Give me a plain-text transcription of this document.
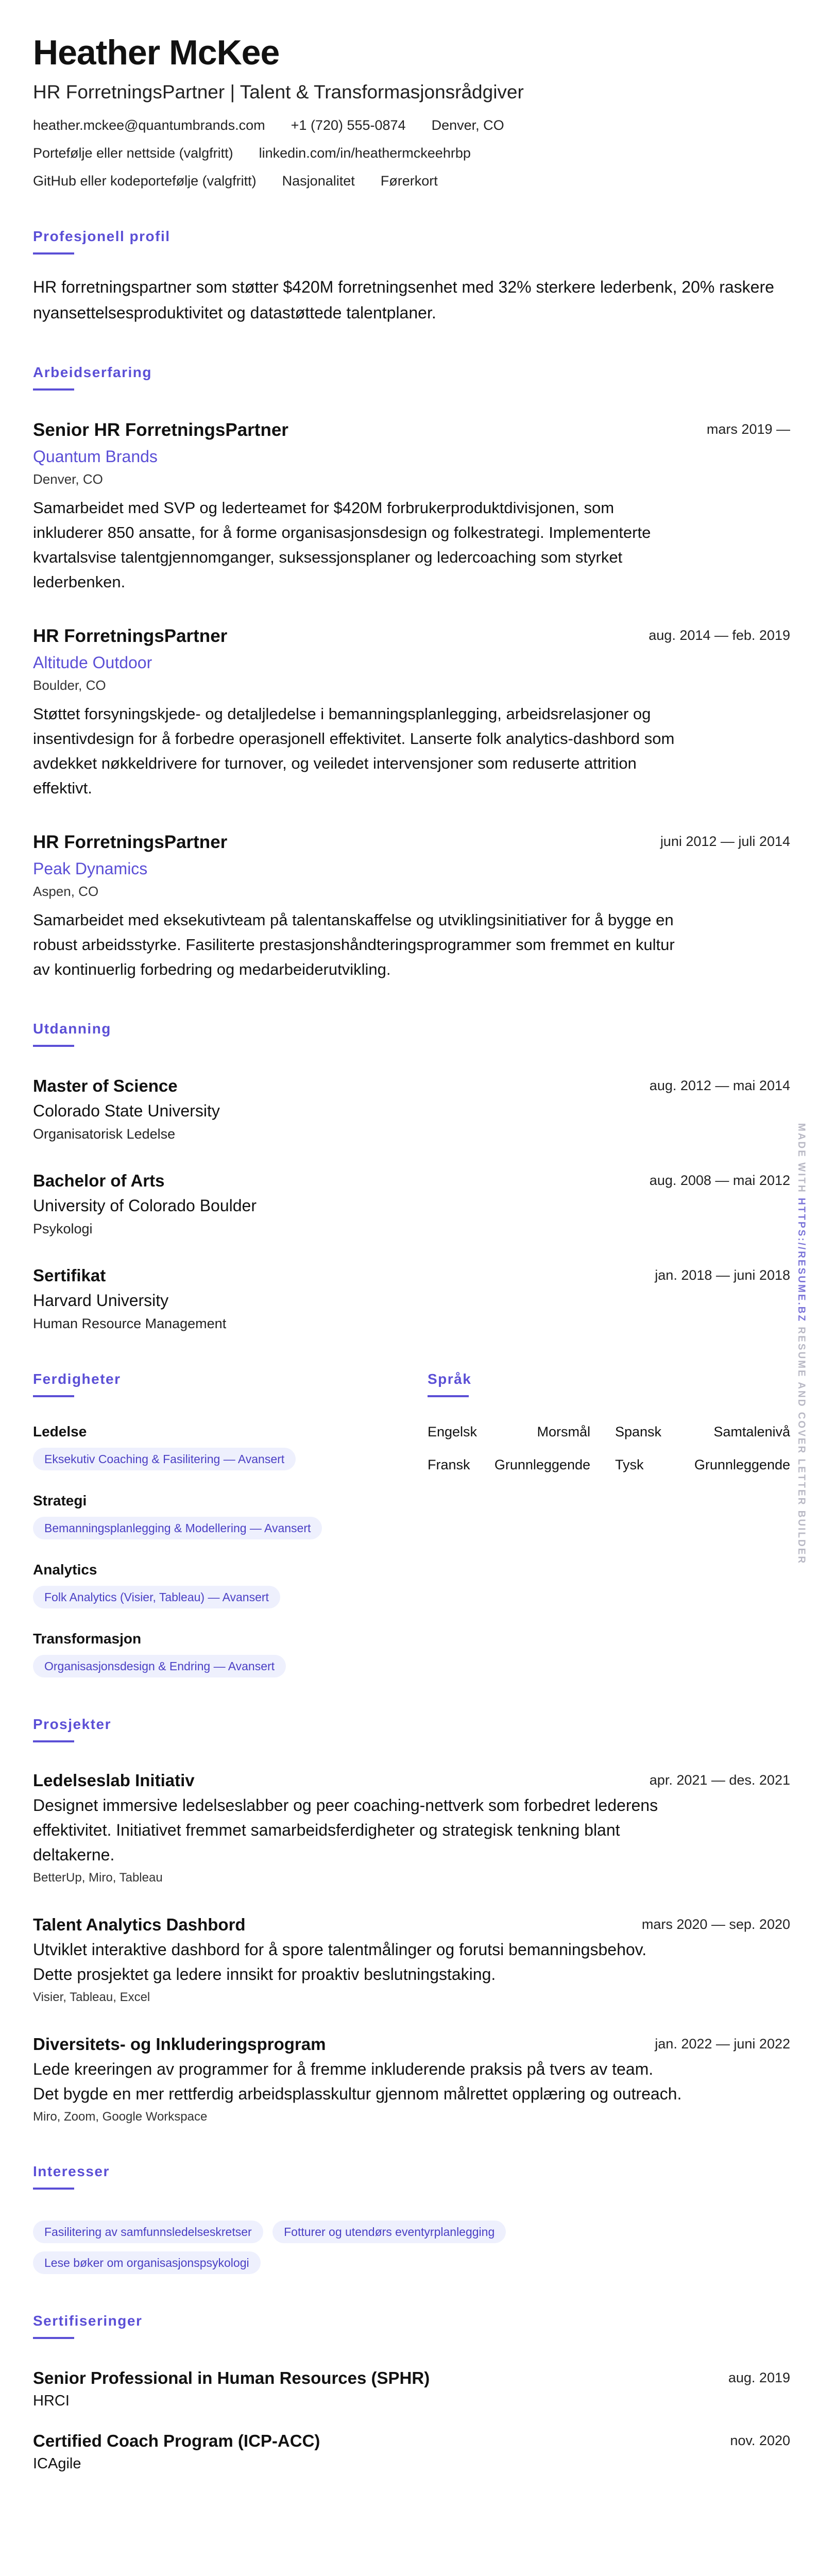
Heather McKee
HR ForretningsPartner | Talent & Transformasjonsrådgiver
heather.mckee@quantumbrands.com +1 (720) 555-0874 Denver, CO
Portefølje eller nettside (valgfritt) linkedin.com/in/heathermckeehrbp
GitHub eller kodeportefølje (valgfritt) Nasjonalitet Førerkort
Profesjonell profil
HR forretningspartner som støtter $420M forretningsenhet med 32% sterkere lederbenk, 20% raskere nyansettelsesproduktivitet og datastøttede talentplaner.
Arbeidserfaring
Senior HR ForretningsPartner	mars 2019 —
Quantum Brands
Denver, CO
Samarbeidet med SVP og lederteamet for $420M forbrukerproduktdivisjonen, som inkluderer 850 ansatte, for å forme organisasjonsdesign og folkestrategi. Implementerte kvartalsvise talentgjennomganger, suksessjonsplaner og ledercoaching som styrket lederbenken.
HR ForretningsPartner	aug. 2014 — feb. 2019
Altitude Outdoor
Boulder, CO
Støttet forsyningskjede- og detaljledelse i bemanningsplanlegging, arbeidsrelasjoner og insentivdesign for å forbedre operasjonell effektivitet. Lanserte folk analytics-dashbord som avdekket nøkkeldrivere for turnover, og veiledet intervensjoner som reduserte attrition effektivt.
HR ForretningsPartner	juni 2012 — juli 2014
Peak Dynamics
Aspen, CO
Samarbeidet med eksekutivteam på talentanskaffelse og utviklingsinitiativer for å bygge en robust arbeidsstyrke. Fasiliterte prestasjonshåndteringsprogrammer som fremmet en kultur av kontinuerlig forbedring og medarbeiderutvikling.
Utdanning
Master of Science	aug. 2012 — mai 2014
Colorado State University
Organisatorisk Ledelse
Bachelor of Arts	aug. 2008 — mai 2012
University of Colorado Boulder
Psykologi
Sertifikat	jan. 2018 — juni 2018
Harvard University
Human Resource Management
Ferdigheter
Ledelse
Eksekutiv Coaching & Fasilitering — Avansert
Strategi
Bemanningsplanlegging & Modellering — Avansert
Analytics
Folk Analytics (Visier, Tableau) — Avansert
Transformasjon
Organisasjonsdesign & Endring — Avansert
Språk
Engelsk	Morsmål Spansk	Samtalenivå
Fransk Grunnleggende Tysk	Grunnleggende
Prosjekter
Ledelseslab Initiativ	apr. 2021 — des. 2021
Designet immersive ledelseslabber og peer coaching-nettverk som forbedret lederens effektivitet. Initiativet fremmet samarbeidsferdigheter og strategisk tenkning blant deltakerne.
BetterUp, Miro, Tableau
Talent Analytics Dashbord	mars 2020 — sep. 2020
Utviklet interaktive dashbord for å spore talentmålinger og forutsi bemanningsbehov. Dette prosjektet ga ledere innsikt for proaktiv beslutningstaking.
Visier, Tableau, Excel
Diversitets- og Inkluderingsprogram	jan. 2022 — juni 2022
Lede kreeringen av programmer for å fremme inkluderende praksis på tvers av team. Det bygde en mer rettferdig arbeidsplasskultur gjennom målrettet opplæring og outreach.
Miro, Zoom, Google Workspace
Interesser
Fasilitering av samfunnsledelseskretser	Fotturer og utendørs eventyrplanlegging Lese bøker om organisasjonspsykologi
Sertifiseringer
Senior Professional in Human Resources (SPHR)	aug. 2019
HRCI
Certified Coach Program (ICP-ACC)	nov. 2020
ICAgile
MADE WITH HTTPS://RESUME.BZ RESUME AND COVER LETTER BUILDER
